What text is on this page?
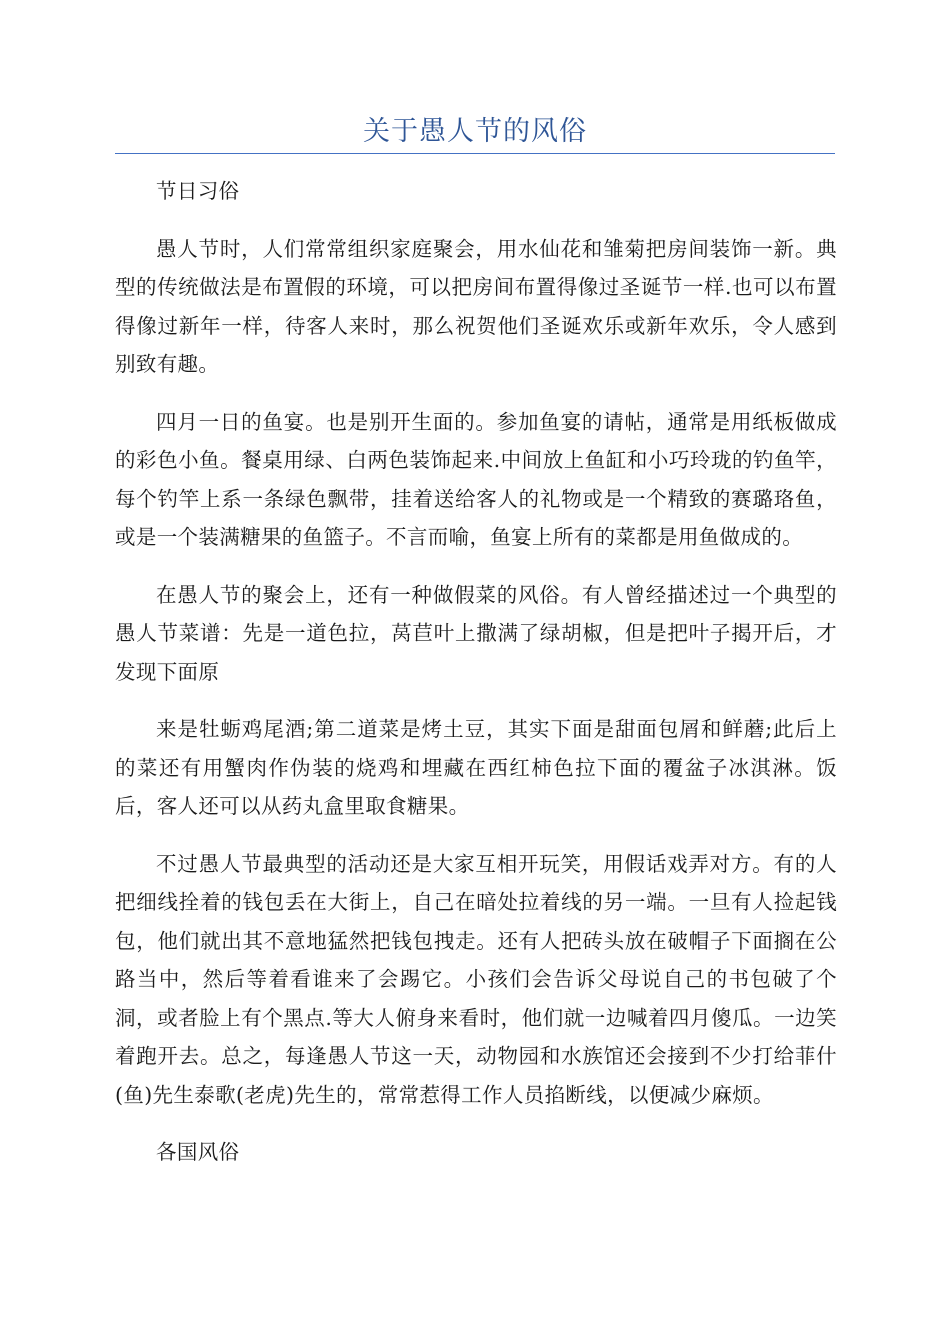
关于愚人节的风俗

节日习俗

愚人节时，人们常常组织家庭聚会，用水仙花和雏菊把房间装饰一新。典型的传统做法是布置假的环境，可以把房间布置得像过圣诞节一样.也可以布置得像过新年一样，待客人来时，那么祝贺他们圣诞欢乐或新年欢乐，令人感到别致有趣。

四月一日的鱼宴。也是别开生面的。参加鱼宴的请帖，通常是用纸板做成的彩色小鱼。餐桌用绿、白两色装饰起来.中间放上鱼缸和小巧玲珑的钓鱼竿，每个钓竿上系一条绿色飘带，挂着送给客人的礼物或是一个精致的赛璐珞鱼，或是一个装满糖果的鱼篮子。不言而喻，鱼宴上所有的菜都是用鱼做成的。

在愚人节的聚会上，还有一种做假菜的风俗。有人曾经描述过一个典型的愚人节菜谱：先是一道色拉，莴苣叶上撒满了绿胡椒，但是把叶子揭开后，才发现下面原

来是牡蛎鸡尾酒;第二道菜是烤土豆，其实下面是甜面包屑和鲜蘑;此后上的菜还有用蟹肉作伪装的烧鸡和埋藏在西红柿色拉下面的覆盆子冰淇淋。饭后，客人还可以从药丸盒里取食糖果。

不过愚人节最典型的活动还是大家互相开玩笑，用假话戏弄对方。有的人把细线拴着的钱包丢在大街上，自己在暗处拉着线的另一端。一旦有人捡起钱包，他们就出其不意地猛然把钱包拽走。还有人把砖头放在破帽子下面搁在公路当中，然后等着看谁来了会踢它。小孩们会告诉父母说自己的书包破了个洞，或者脸上有个黑点.等大人俯身来看时，他们就一边喊着四月傻瓜。一边笑着跑开去。总之，每逢愚人节这一天，动物园和水族馆还会接到不少打给菲什(鱼)先生泰歌(老虎)先生的，常常惹得工作人员掐断线，以便减少麻烦。

各国风俗
